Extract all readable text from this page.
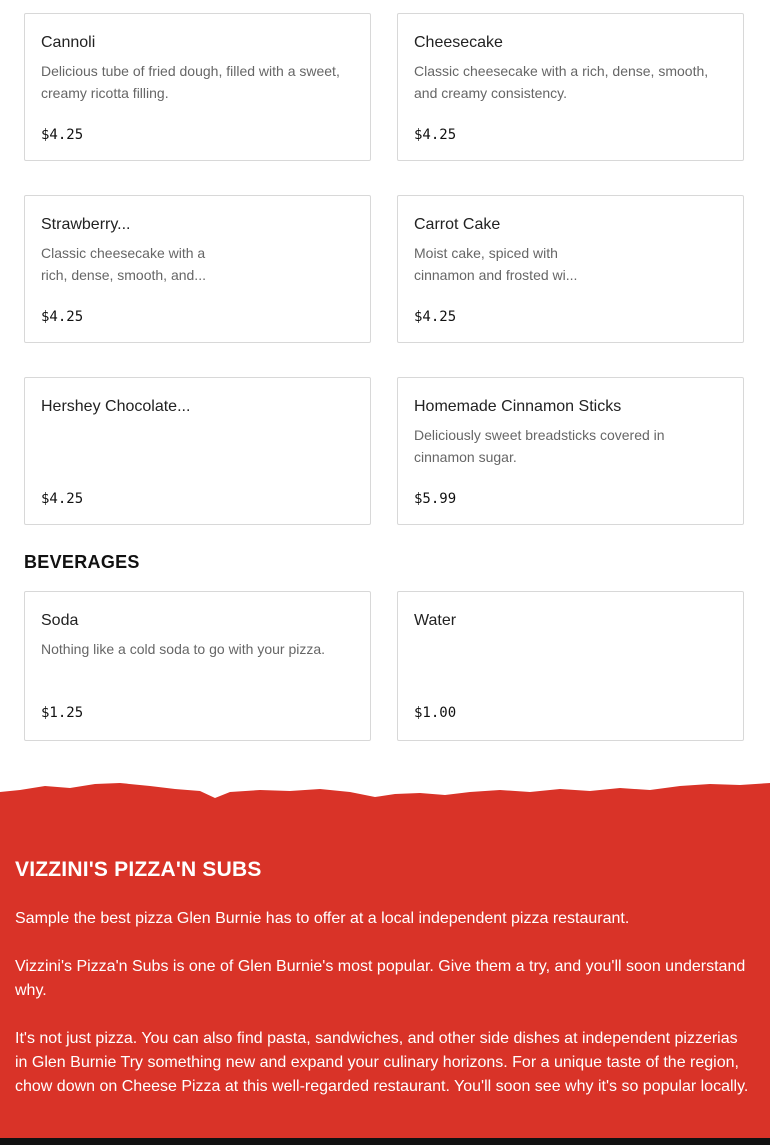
Cannoli
Delicious tube of fried dough, filled with a sweet, creamy ricotta filling.
$4.25
Cheesecake
Classic cheesecake with a rich, dense, smooth, and creamy consistency.
$4.25
Strawberry...
Classic cheesecake with a rich, dense, smooth, and...
$4.25
Carrot Cake
Moist cake, spiced with cinnamon and frosted wi...
$4.25
Hershey Chocolate...
$4.25
Homemade Cinnamon Sticks
Deliciously sweet breadsticks covered in cinnamon sugar.
$5.99
BEVERAGES
Soda
Nothing like a cold soda to go with your pizza.
$1.25
Water
$1.00
VIZZINI'S PIZZA'N SUBS

Sample the best pizza Glen Burnie has to offer at a local independent pizza restaurant.

Vizzini's Pizza'n Subs is one of Glen Burnie's most popular. Give them a try, and you'll soon understand why.

It's not just pizza. You can also find pasta, sandwiches, and other side dishes at independent pizzerias in Glen Burnie Try something new and expand your culinary horizons. For a unique taste of the region, chow down on Cheese Pizza at this well-regarded restaurant. You'll soon see why it's so popular locally.
